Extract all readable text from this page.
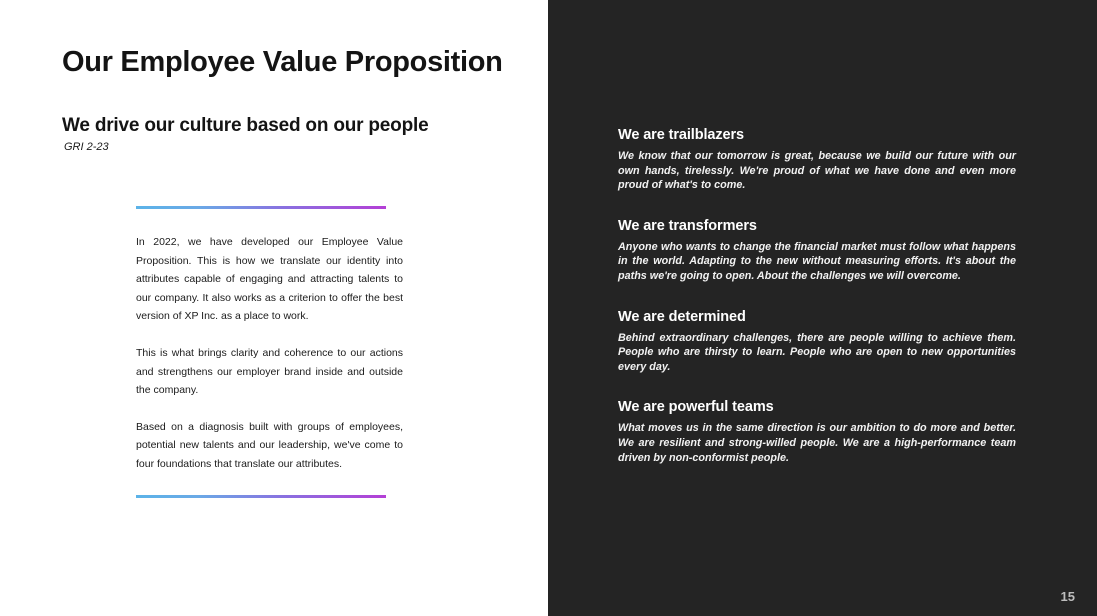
Our Employee Value Proposition
We drive our culture based on our people
GRI 2-23

In 2022, we have developed our Employee Value Proposition. This is how we translate our identity into attributes capable of engaging and attracting talents to our company. It also works as a criterion to offer the best version of XP Inc. as a place to work.

This is what brings clarity and coherence to our actions and strengthens our employer brand inside and outside the company.

Based on a diagnosis built with groups of employees, potential new talents and our leadership, we've come to four foundations that translate our attributes.

We are trailblazers

We know that our tomorrow is great, because we build our future with our own hands, tirelessly. We're proud of what we have done and even more proud of what's to come.

We are transformers

Anyone who wants to change the financial market must follow what happens in the world. Adapting to the new without measuring efforts. It's about the paths we're going to open. About the challenges we will overcome.

We are determined

Behind extraordinary challenges, there are people willing to achieve them. People who are thirsty to learn. People who are open to new opportunities every day.

We are powerful teams

What moves us in the same direction is our ambition to do more and better. We are resilient and strong-willed people. We are a high-performance team driven by non-conformist people.

15
